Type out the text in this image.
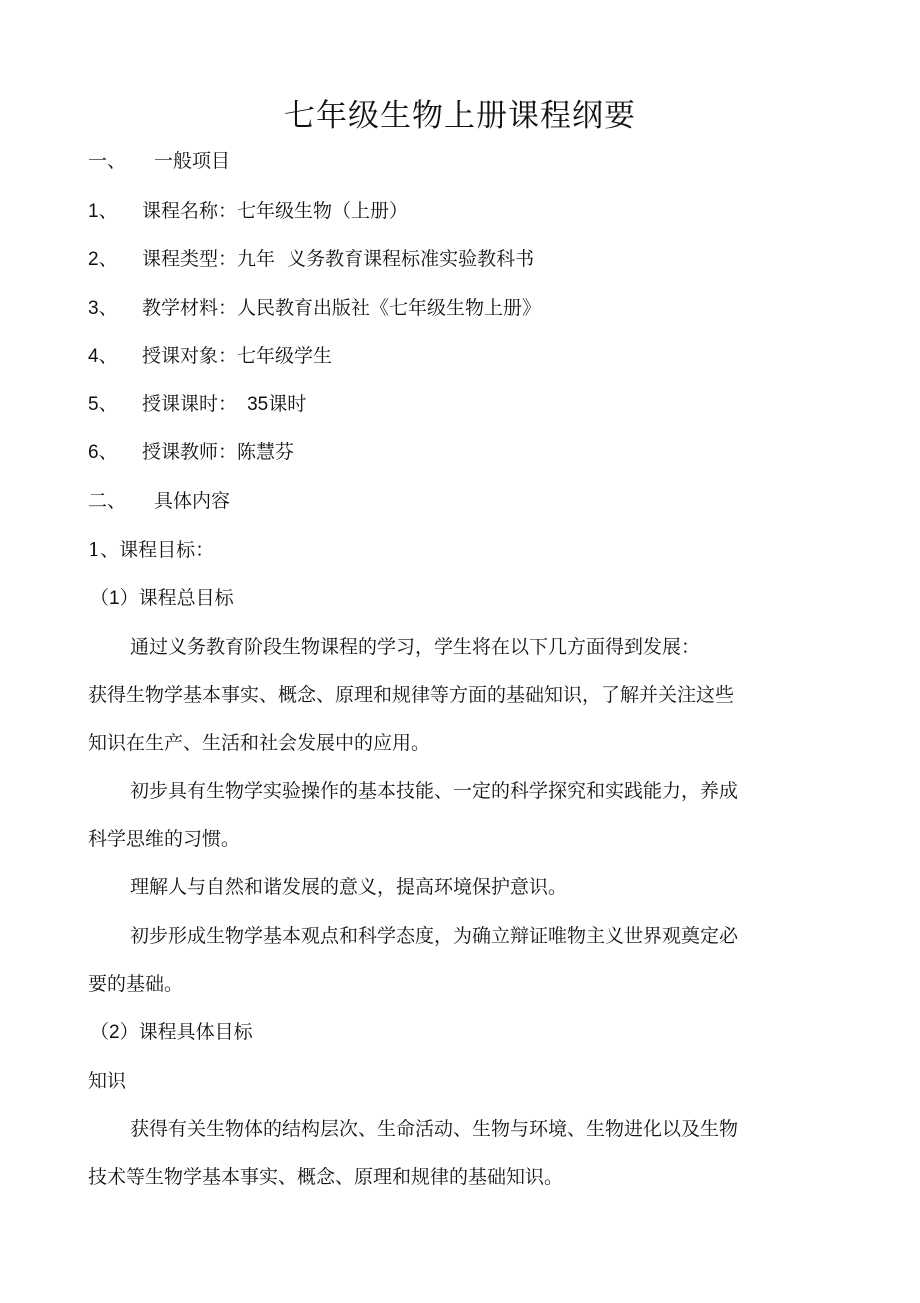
七年级生物上册课程纲要
一、 一般项目
1、 课程名称：七年级生物（上册）
2、 课程类型：九年  义务教育课程标准实验教科书
3、 教学材料：人民教育出版社《七年级生物上册》
4、 授课对象：七年级学生
5、 授课课时： 35课时
6、 授课教师：陈慧芬
二、 具体内容
1、课程目标：
（1）课程总目标
通过义务教育阶段生物课程的学习，学生将在以下几方面得到发展：
获得生物学基本事实、概念、原理和规律等方面的基础知识，了解并关注这些
知识在生产、生活和社会发展中的应用。
初步具有生物学实验操作的基本技能、一定的科学探究和实践能力，养成
科学思维的习惯。
理解人与自然和谐发展的意义，提高环境保护意识。
初步形成生物学基本观点和科学态度，为确立辩证唯物主义世界观奠定必
要的基础。
（2）课程具体目标
知识
获得有关生物体的结构层次、生命活动、生物与环境、生物进化以及生物
技术等生物学基本事实、概念、原理和规律的基础知识。
